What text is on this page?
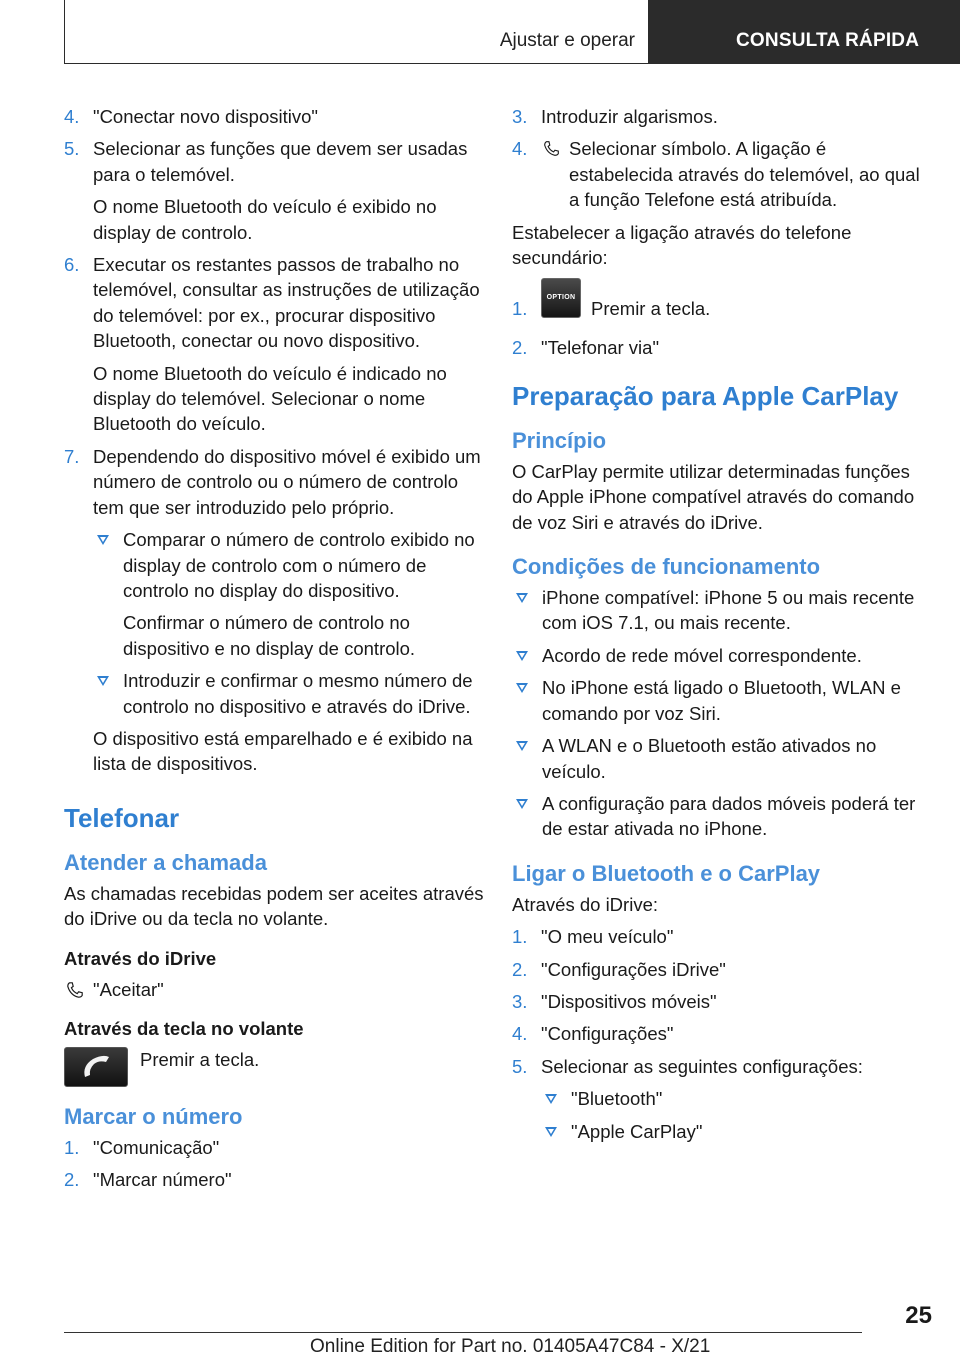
Ajustar e operar	CONSULTA RÁPIDA
4. "Conectar novo dispositivo"
5. Selecionar as funções que devem ser usadas para o telemóvel.
O nome Bluetooth do veículo é exibido no display de controlo.
6. Executar os restantes passos de trabalho no telemóvel, consultar as instruções de utilização do telemóvel: por ex., procurar dispositivo Bluetooth, conectar ou novo dispositivo.
O nome Bluetooth do veículo é indicado no display do telemóvel. Selecionar o nome Bluetooth do veículo.
7. Dependendo do dispositivo móvel é exibido um número de controlo ou o número de controlo tem que ser introduzido pelo próprio.
Comparar o número de controlo exibido no display de controlo com o número de controlo no display do dispositivo.
Confirmar o número de controlo no dispositivo e no display de controlo.
Introduzir e confirmar o mesmo número de controlo no dispositivo e através do iDrive.
O dispositivo está emparelhado e é exibido na lista de dispositivos.
Telefonar
Atender a chamada

As chamadas recebidas podem ser aceites através do iDrive ou da tecla no volante.

Através do iDrive
"Aceitar"
Através da tecla no volante
Premir a tecla.
Marcar o número
1. "Comunicação"
2. "Marcar número"
3. Introduzir algarismos.
4.	Selecionar símbolo. A ligação é estabelecida através do telemóvel, ao qual a função Telefone está atribuída.

Estabelecer a ligação através do telefone secundário:

1.
OPTION
Premir a tecla.
2. "Telefonar via"
Preparação para Apple CarPlay
Princípio

O CarPlay permite utilizar determinadas funções do Apple iPhone compatível através do comando de voz Siri e através do iDrive.

Condições de funcionamento
iPhone compatível: iPhone 5 ou mais recente com iOS 7.1, ou mais recente.
Acordo de rede móvel correspondente.
No iPhone está ligado o Bluetooth, WLAN e comando por voz Siri.
A WLAN e o Bluetooth estão ativados no veículo.
A configuração para dados móveis poderá ter de estar ativada no iPhone.
Ligar o Bluetooth e o CarPlay

Através do iDrive:

1. "O meu veículo"
2. "Configurações iDrive"
3. "Dispositivos móveis"
4. "Configurações"
5. Selecionar as seguintes configurações:
"Bluetooth"
"Apple CarPlay"
25
Online Edition for Part no. 01405A47C84 - X/21
